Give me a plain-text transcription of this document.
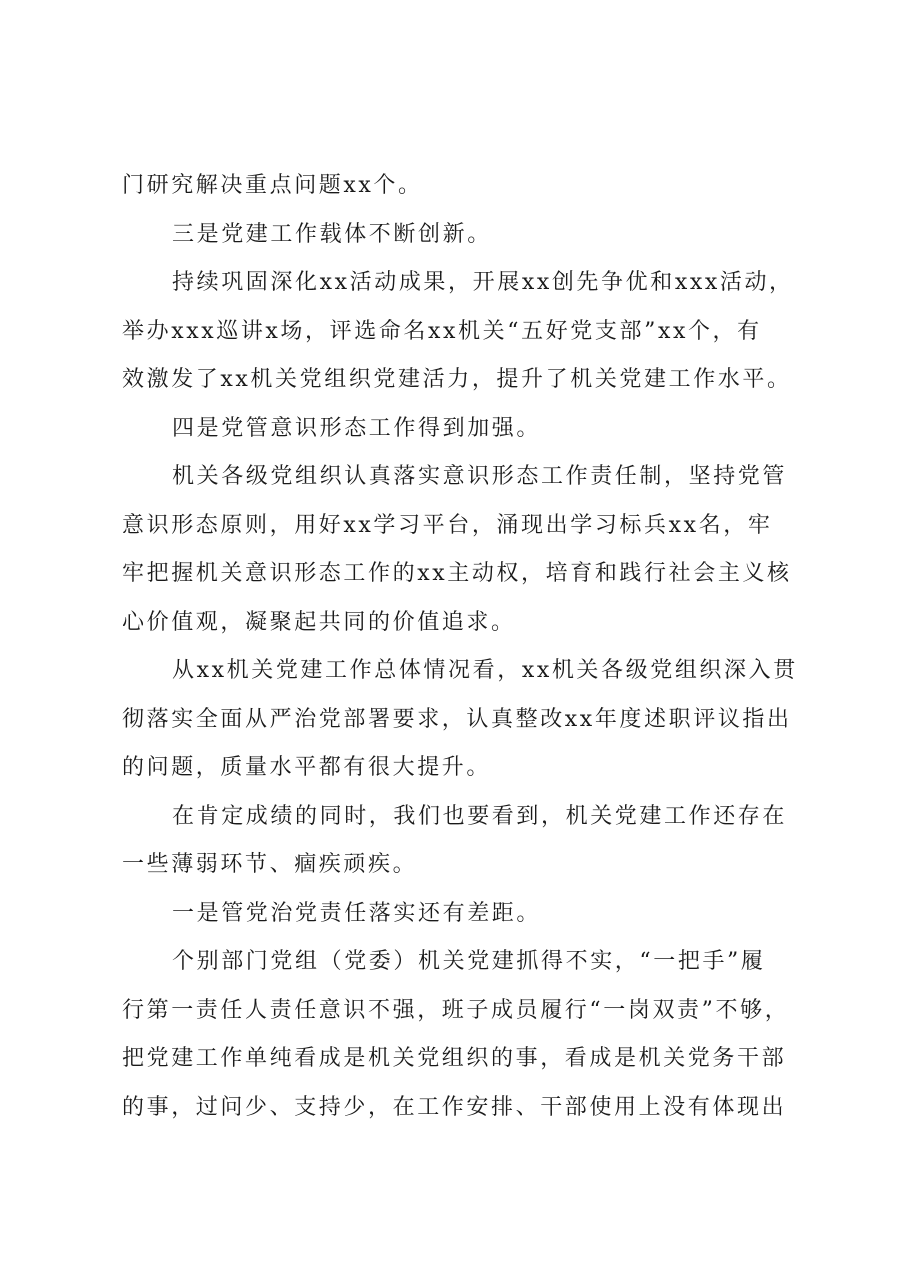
门研究解决重点问题xx个。

三是党建工作载体不断创新。

持续巩固深化xx活动成果，开展xx创先争优和xxx活动，
举办xxx巡讲x场，评选命名xx机关“五好党支部”xx个，有
效激发了xx机关党组织党建活力，提升了机关党建工作水平。

四是党管意识形态工作得到加强。

机关各级党组织认真落实意识形态工作责任制，坚持党管
意识形态原则，用好xx学习平台，涌现出学习标兵xx名，牢
牢把握机关意识形态工作的xx主动权，培育和践行社会主义核
心价值观，凝聚起共同的价值追求。

从xx机关党建工作总体情况看，xx机关各级党组织深入贯
彻落实全面从严治党部署要求，认真整改xx年度述职评议指出
的问题，质量水平都有很大提升。

在肯定成绩的同时，我们也要看到，机关党建工作还存在
一些薄弱环节、痼疾顽疾。

一是管党治党责任落实还有差距。

个别部门党组（党委）机关党建抓得不实，“一把手”履
行第一责任人责任意识不强，班子成员履行“一岗双责”不够，
把党建工作单纯看成是机关党组织的事，看成是机关党务干部
的事，过问少、支持少，在工作安排、干部使用上没有体现出
